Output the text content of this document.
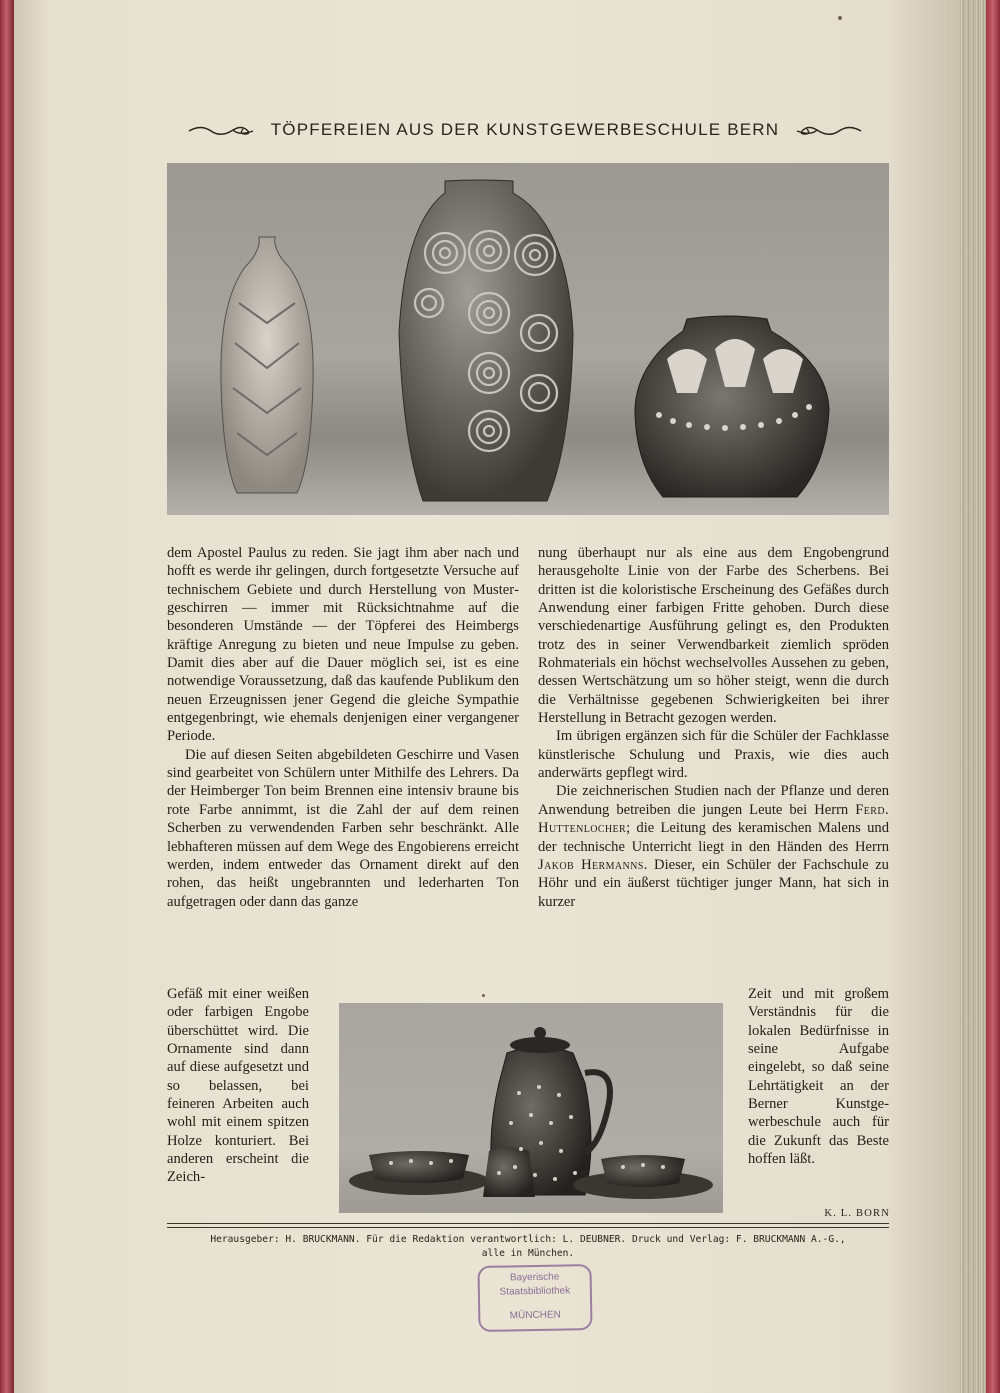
TÖPFEREIEN AUS DER KUNSTGEWERBESCHULE BERN

dem Apostel Paulus zu reden. Sie jagt ihm aber nach und hofft es werde ihr gelingen, durch fortgesetzte Versuche auf technischem Gebiete und durch Herstellung von Mustergeschirren — immer mit Rücksichtnahme auf die besonderen Umstände — der Töpferei des Heimbergs kräftige Anregung zu bieten und neue Impulse zu geben. Damit dies aber auf die Dauer möglich sei, ist es eine notwendige Voraussetzung, daß das kaufende Publikum den neuen Erzeugnissen jener Gegend die gleiche Sympathie entgegenbringt, wie ehemals denjenigen einer vergangener Periode.

Die auf diesen Seiten abgebildeten Geschirre und Vasen sind gearbeitet von Schülern unter Mithilfe des Lehrers. Da der Heimberger Ton beim Brennen eine intensiv braune bis rote Farbe annimmt, ist die Zahl der auf dem reinen Scherben zu verwendenden Farben sehr beschränkt. Alle lebhafteren müssen auf dem Wege des Engobierens erreicht werden, indem entweder das Ornament direkt auf den rohen, das heißt ungebrannten und lederharten Ton aufgetragen oder dann das ganze

Gefäß mit einer weißen oder farbigen Engobe überschüttet wird. Die Ornamente sind dann auf diese aufgesetzt und so belassen, bei feineren Arbeiten auch wohl mit einem spitzen Holze konturiert. Bei anderen erscheint die Zeich-

nung überhaupt nur als eine aus dem Engobengrund herausgeholte Linie von der Farbe des Scherbens. Bei dritten ist die koloristische Erscheinung des Gefäßes durch Anwendung einer farbigen Fritte gehoben. Durch diese verschiedenartige Ausführung gelingt es, den Produkten trotz des in seiner Verwendbarkeit ziemlich spröden Rohmaterials ein höchst wechselvolles Aussehen zu geben, dessen Wertschätzung um so höher steigt, wenn die durch die Verhältnisse gegebenen Schwierigkeiten bei ihrer Herstellung in Betracht gezogen werden.

Im übrigen ergänzen sich für die Schüler der Fachklasse künstlerische Schulung und Praxis, wie dies auch anderwärts gepflegt wird.

Die zeichnerischen Studien nach der Pflanze und deren Anwendung betreiben die jungen Leute bei Herrn Ferd. Huttenlocher; die Leitung des keramischen Malens und der technische Unterricht liegt in den Händen des Herrn Jakob Hermanns. Dieser, ein Schüler der Fachschule zu Höhr und ein äußerst tüchtiger junger Mann, hat sich in kurzer

Zeit und mit großem Verständnis für die lokalen Bedürfnisse in seine Aufgabe eingelebt, so daß seine Lehrtätigkeit an der Berner Kunstgewerbeschule auch für die Zukunft das Beste hoffen läßt.
K. L. BORN
Herausgeber: H. BRUCKMANN. Für die Redaktion verantwortlich: L. DEUBNER. Druck und Verlag: F. BRUCKMANN A.-G.,
alle in München.
Bayerische
Staatsbibliothek
MÜNCHEN
